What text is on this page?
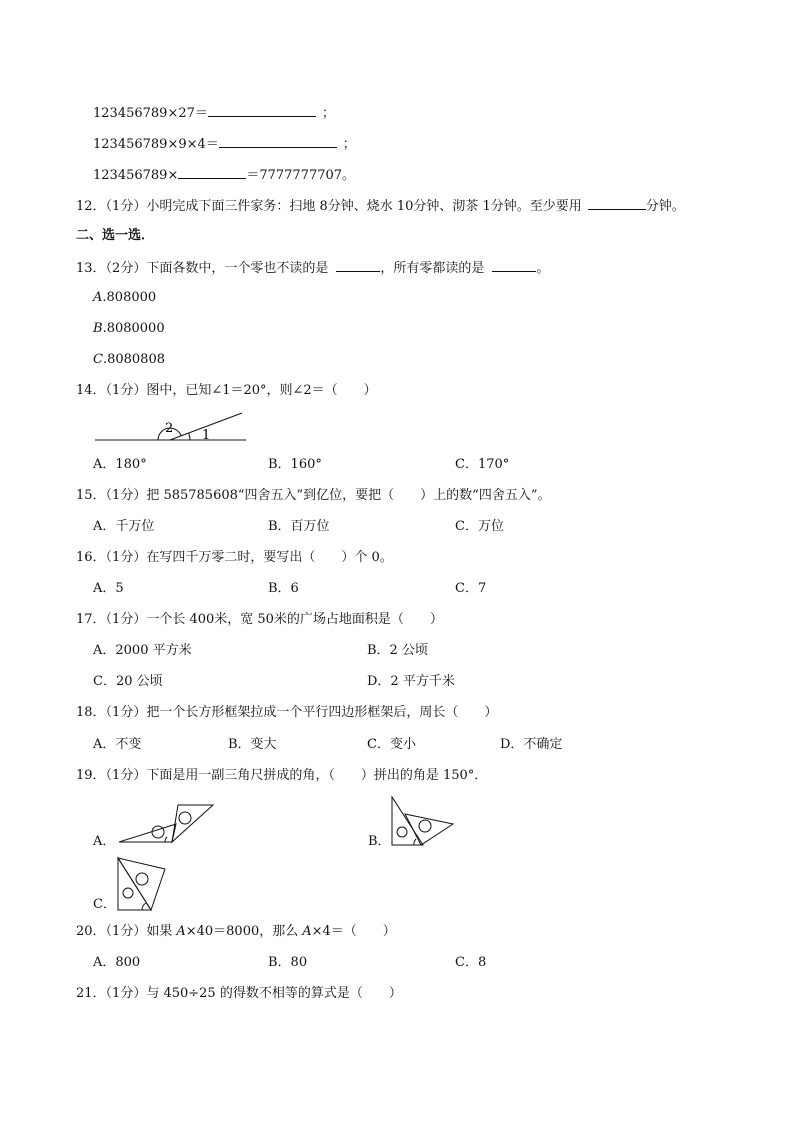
123456789×27＝	；
123456789×9×4＝	；
123456789×	＝7777777707。
12．（1分）小明完成下面三件家务：扫地 8分钟、烧水 10分钟、沏茶 1分钟。至少要用	分钟。
二、选一选．
13．（2分）下面各数中，一个零也不读的是	，所有零都读的是	。
A.808000
B.8080000
C.8080808
14．（1分）图中，已知∠1＝20°，则∠2＝（　　）
2 1
A．180°	B．160°	C．170°
15．（1分）把 585785608“四舍五入”到亿位，要把（　　）上的数“四舍五入”。
A．千万位	B．百万位	C．万位
16．（1分）在写四千万零二时，要写出（　　）个 0。
A．5	B．6	C．7
17．（1分）一个长 400米，宽 50米的广场占地面积是（　　）
A．2000 平方米	B．2 公顷
C．20 公顷	D．2 平方千米
18．（1分）把一个长方形框架拉成一个平行四边形框架后，周长（　　）
A．不变	B．变大	C．变小	D．不确定
19．（1分）下面是用一副三角尺拼成的角，（　　）拼出的角是 150°．
A．	B．
C．
20．（1分）如果 A×40＝8000，那么 A×4＝（　　）
A．800	B．80	C．8
21．（1分）与 450÷25 的得数不相等的算式是（　　）
